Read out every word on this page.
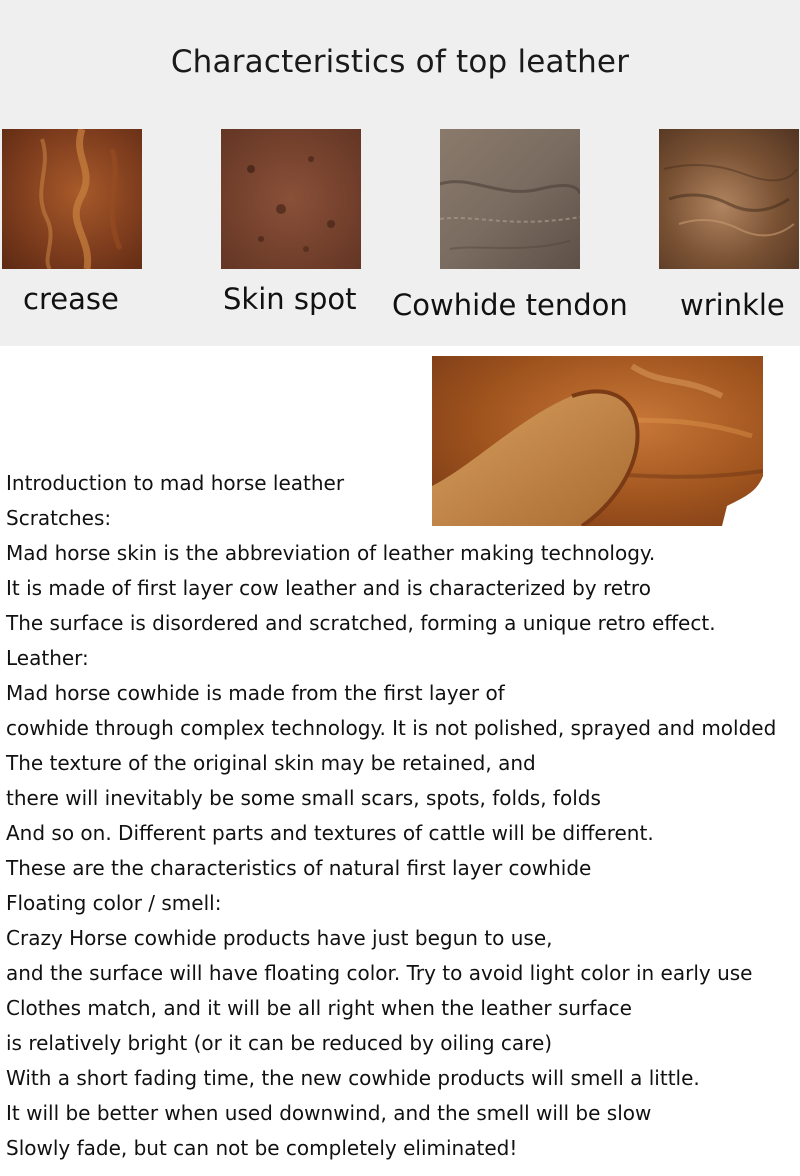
Characteristics of top leather
crease	Skin spot Cowhide tendon wrinkle
Introduction to mad horse leather
Scratches:
Mad horse skin is the abbreviation of leather making technology.
It is made of first layer cow leather and is characterized by retro
The surface is disordered and scratched, forming a unique retro effect.
Leather:
Mad horse cowhide is made from the first layer of
cowhide through complex technology. It is not polished, sprayed and molded
The texture of the original skin may be retained, and
there will inevitably be some small scars, spots, folds, folds
And so on. Different parts and textures of cattle will be different.
These are the characteristics of natural first layer cowhide
Floating color / smell:
Crazy Horse cowhide products have just begun to use,
and the surface will have floating color. Try to avoid light color in early use
Clothes match, and it will be all right when the leather surface
is relatively bright (or it can be reduced by oiling care)
With a short fading time, the new cowhide products will smell a little.
It will be better when used downwind, and the smell will be slow
Slowly fade, but can not be completely eliminated!
